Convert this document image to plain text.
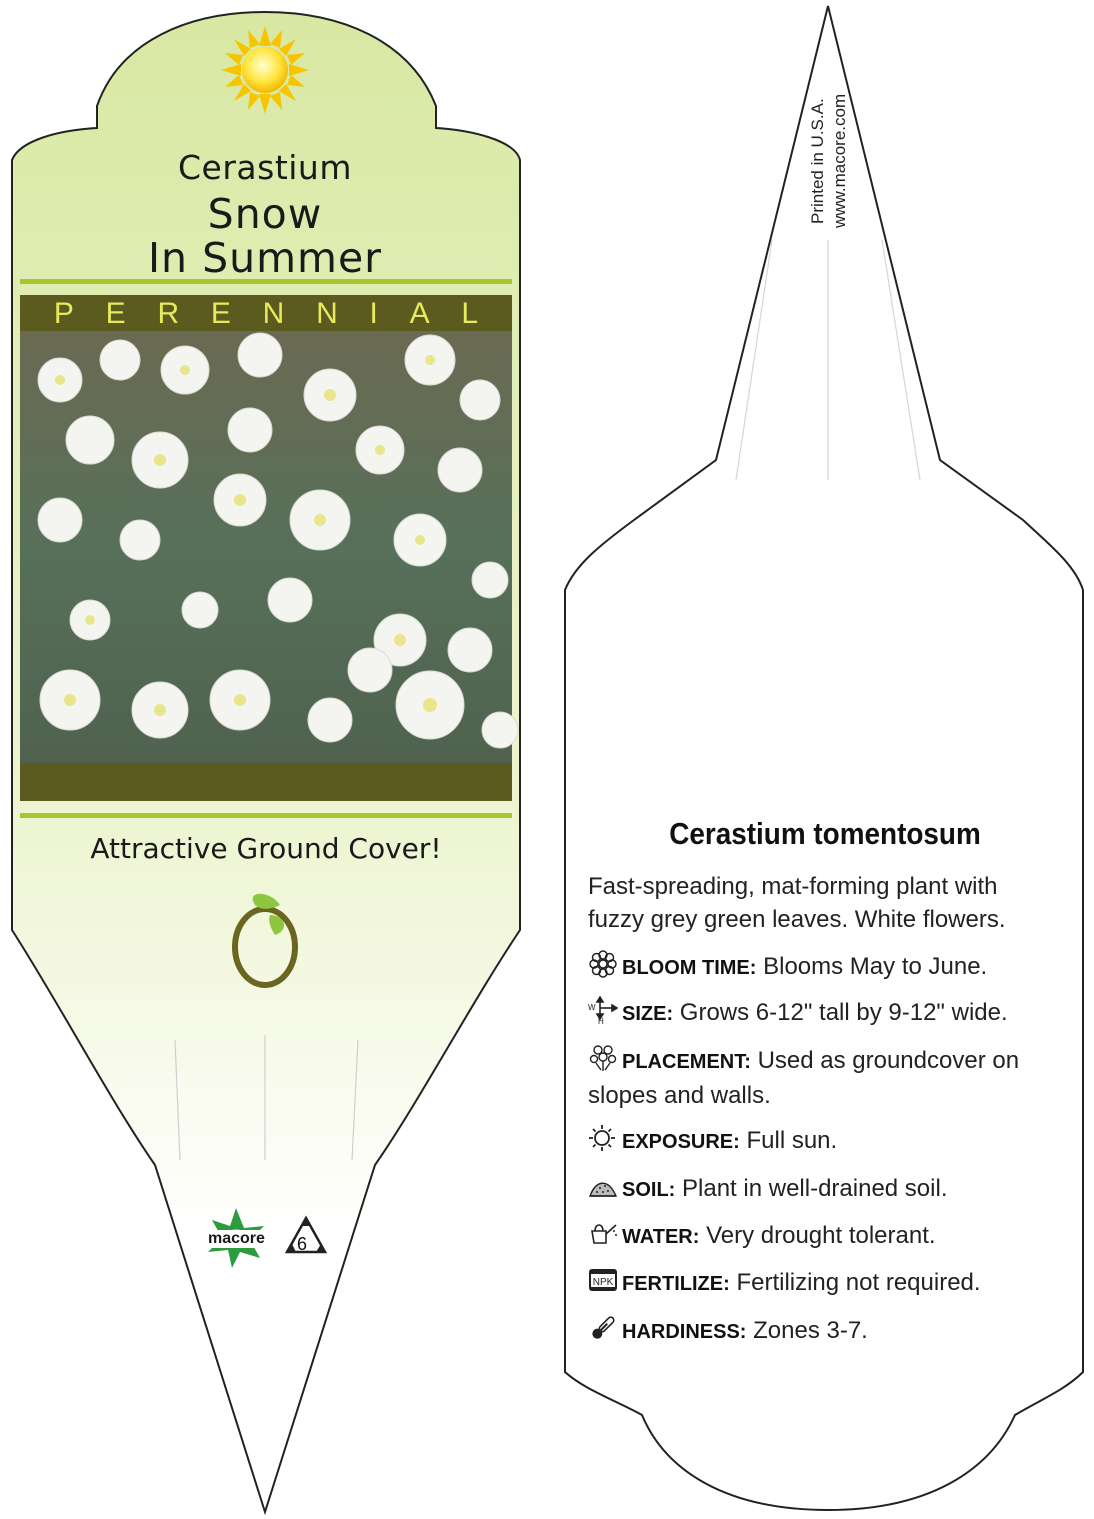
Cerastium
Snow
In Summer
P E R E N N I A L
Attractive Ground Cover!
macore 6
Printed in U.S.A. www.macore.com
Cerastium tomentosum
Fast-spreading, mat-forming plant with fuzzy grey green leaves. White flowers.
BLOOM TIME: Blooms May to June.
W
H SIZE: Grows 6-12" tall by 9-12" wide.
PLACEMENT: Used as groundcover on slopes and walls.
EXPOSURE: Full sun.
SOIL: Plant in well-drained soil.
WATER: Very drought tolerant.
NPK FERTILIZE: Fertilizing not required.
HARDINESS: Zones 3-7.
